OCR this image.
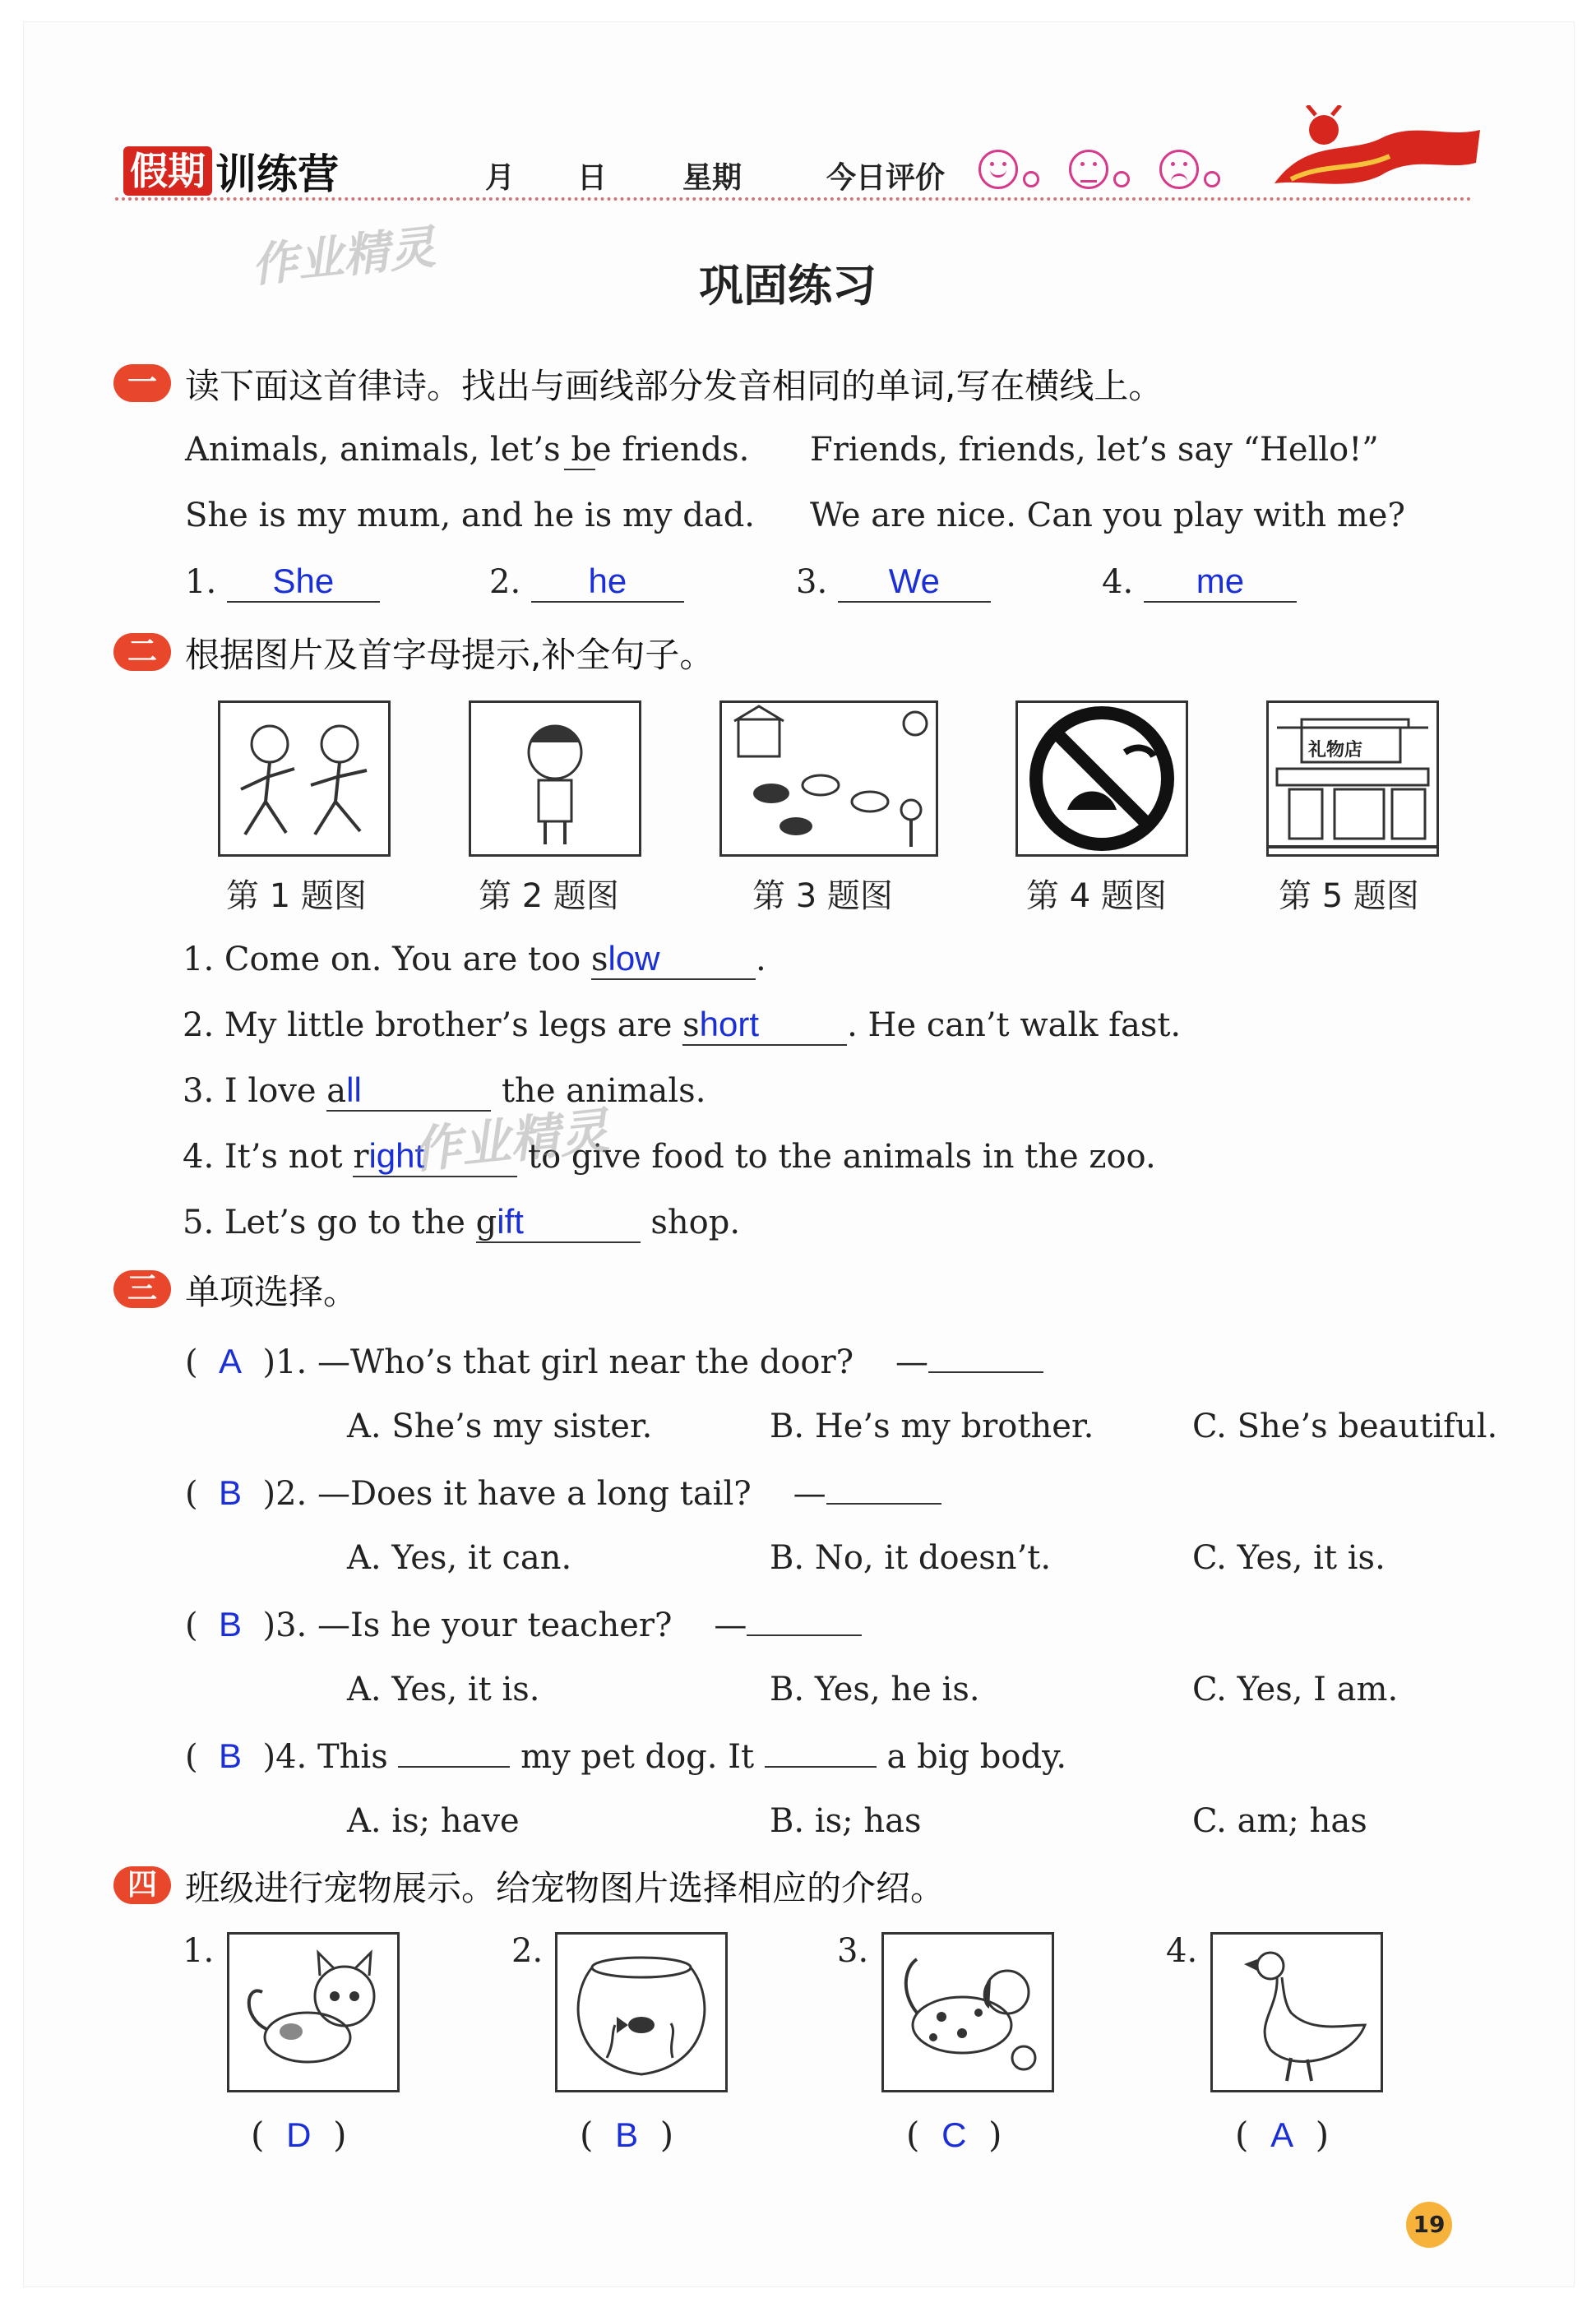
假期 训练营	月 日	星期	今日评价
作业精灵	巩固练习
一 读下面这首律诗。找出与画线部分发音相同的单词,写在横线上。
Animals, animals, let’s be friends. Friends, friends, let’s say “Hello!”
She is my mum, and he is my dad. We are nice. Can you play with me?
1. She	2. he	3. We	4. me
二 根据图片及首字母提示,补全句子。
礼物店
第 1 题图	第 2 题图	第 3 题图	第 4 题图	第 5 题图
1. Come on. You are too slow	.
2. My little brother’s legs are short	. He can’t walk fast.
3. I love all	the animals.
4. It’s not right	to give food to the animals in the zoo.
5. Let’s go to the gift	shop.
作业精灵
三 单项选择。
( A )1. —Who’s that girl near the door? —
A. She’s my sister.	B. He’s my brother.	C. She’s beautiful.
( B )2. —Does it have a long tail? —
A. Yes, it can.	B. No, it doesn’t.	C. Yes, it is.
( B )3. —Is he your teacher? —
A. Yes, it is.	B. Yes, he is.	C. Yes, I am.
( B )4. This	my pet dog. It	a big body.
A. is; have	B. is; has	C. am; has
四 班级进行宠物展示。给宠物图片选择相应的介绍。
1.	2.	3.	4.
(  D  )	(  B  )	(  C  )	(  A  )
19
